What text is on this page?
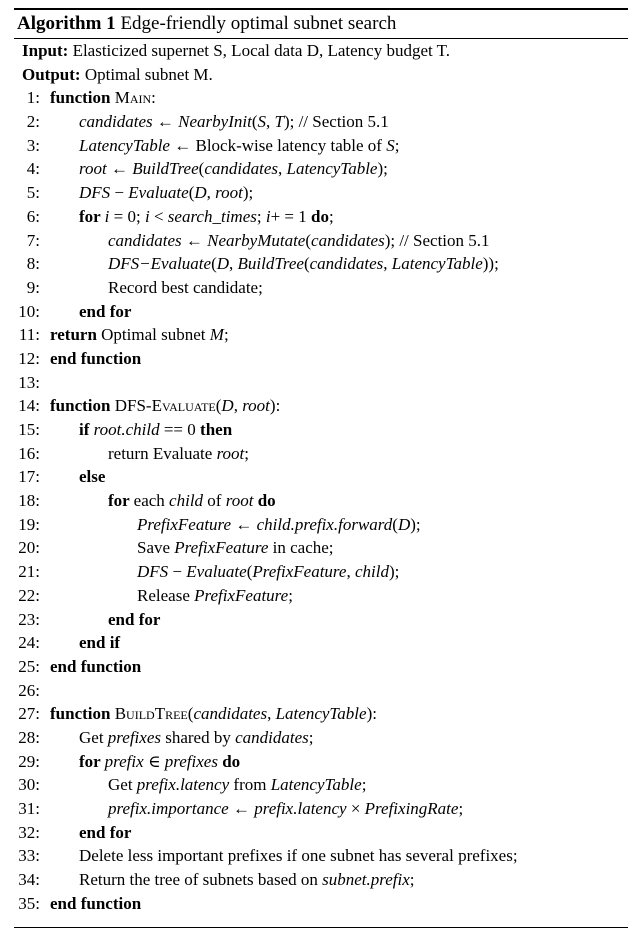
Algorithm 1 Edge-friendly optimal subnet search
Input: Elasticized supernet S, Local data D, Latency budget T.
Output: Optimal subnet M.
1: function Main:
2: candidates ← NearbyInit(S, T); // Section 5.1
3: LatencyTable ← Block-wise latency table of S;
4: root ← BuildTree(candidates, LatencyTable);
5: DFS − Evaluate(D, root);
6: for i = 0; i < search_times; i+ = 1 do;
7:	candidates ← NearbyMutate(candidates); // Section 5.1
8:	DFS−Evaluate(D, BuildTree(candidates, LatencyTable));
9:	Record best candidate;
10: end for
11: return Optimal subnet M;
12: end function
13:
14: function DFS-Evaluate(D, root):
15: if root.child == 0 then
16:	return Evaluate root;
17: else
18:	for each child of root do
19:	PrefixFeature ← child.prefix.forward(D);
20:	Save PrefixFeature in cache;
21:	DFS − Evaluate(PrefixFeature, child);
22:	Release PrefixFeature;
23:	end for
24: end if
25: end function
26:
27: function BuildTree(candidates, LatencyTable):
28: Get prefixes shared by candidates;
29: for prefix ∈ prefixes do
30:	Get prefix.latency from LatencyTable;
31:	prefix.importance ← prefix.latency × PrefixingRate;
32: end for
33: Delete less important prefixes if one subnet has several prefixes;
34: Return the tree of subnets based on subnet.prefix;
35: end function
